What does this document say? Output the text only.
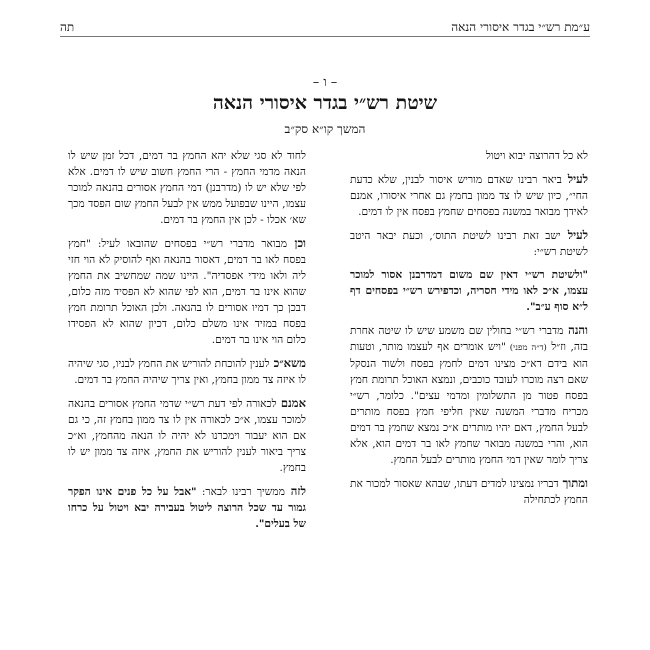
ע״מת רש״י בגדר איסורי הנאה
תה
– ו –
שיטת רש״י בגדר איסורי הנאה
המשך קו״א סק״ב

לא כל דהרוצה יבוא ויטול

לעיל ביאר רבינו שאדם מוריש איסור לבנין, שלא כדעת החי״, כיון שיש לו צד ממון בחמץ גם אחרי איסורו, אמנם לאידך מבואר במשנה בפסחים שחמץ בפסח אין לו דמים.

לעיל ישב זאת רבינו לשיטת התוס׳, וכעת יבאר היטב לשיטת רש״י:

"ולשיטת רש״י דאין שם משום דמדרבנן אסור למוכר עצמו, א״כ לאו מידי חסריה, וכדפירש רש״י בפסחים דף ל״א סוף ע״ב".

והנה מדברי רש״י בחולין שם משמע שיש לו שיטה אחרת בזה, וז״ל (ד״ה מפני) "ויש אומרים אף לעצמו מותר, וטעות הוא בידם דא״כ מצינו דמים לחמץ בפסח ולשוד הנסקל שאם רצה מוכרו לעובד כוכבים, ונמצא האוכל תרומת חמץ בפסח פטור מן התשלומין ומדמי עצים". כלומר, רש״י מכריח מדברי המשנה שאין חליפי חמץ בפסח מותרים לבעל החמץ, דאם יהיו מותרים א״כ נמצא שחמץ בר דמים הוא, והרי במשנה מבואר שחמץ לאו בר דמים הוא, אלא צריך לומר שאין דמי החמץ מותרים לבעל החמץ.

ומתוך דבריו נמצינו למדים דעתו, שבהא שאסור למכור את החמץ לכתחילה

לחוד לא סגי שלא יהא החמץ בר דמים, דכל זמן שיש לו הנאה מדמי החמץ - הרי החמץ חשוב שיש לו דמים. אלא לפי שלא יש לו (מדרבנן) דמי החמץ אסורים בהנאה למוכר עצמו, היינו שבפועל ממש אין לבעל החמץ שום הפסד מכך שא׳ אכלו - לכן אין החמץ בר דמים.

וכן מבואר מדברי רש״י בפסחים שהובאו לעיל: "חמץ בפסח לאו בר דמים, דאסור בהנאה ואף להוסיק לא הוי חזי ליה ולאו מידי אפסדיה". היינו שמה שמחשיב את החמץ שהוא אינו בר דמים, הוא לפי שהוא לא הפסיד מזה כלום, דבכן כך דמיו אסורים לו בהנאה. ולכן האוכל תרומת חמץ בפסח במזיד אינו משלם כלום, דכיון שהוא לא הפסידו כלום הוי אינו בר דמים.

משא״כ לענין להוכחת להוריש את החמץ לבניו, סגי שיהיה לו איזה צד ממון בחמץ, ואין צריך שיהיה החמץ בר דמים.

אמנם לכאורה לפי דעת רש״י שדמי החמץ אסורים בהנאה למוכר עצמו, א״כ לכאורה אין לו צד ממון בחמץ זה, כי גם אם הוא יעבור וימכרנו לא יהיה לו הנאה מהחמץ, וא״כ צריך ביאור לענין להוריש את החמץ, איזה צד ממון יש לו בחמץ.

לזה ממשיך רבינו לבאר: "אבל על כל פנים אינו הפקר גמור עד שכל הרוצה ליטול בעבירה יבא ויטול על כרחו של בעלים".
